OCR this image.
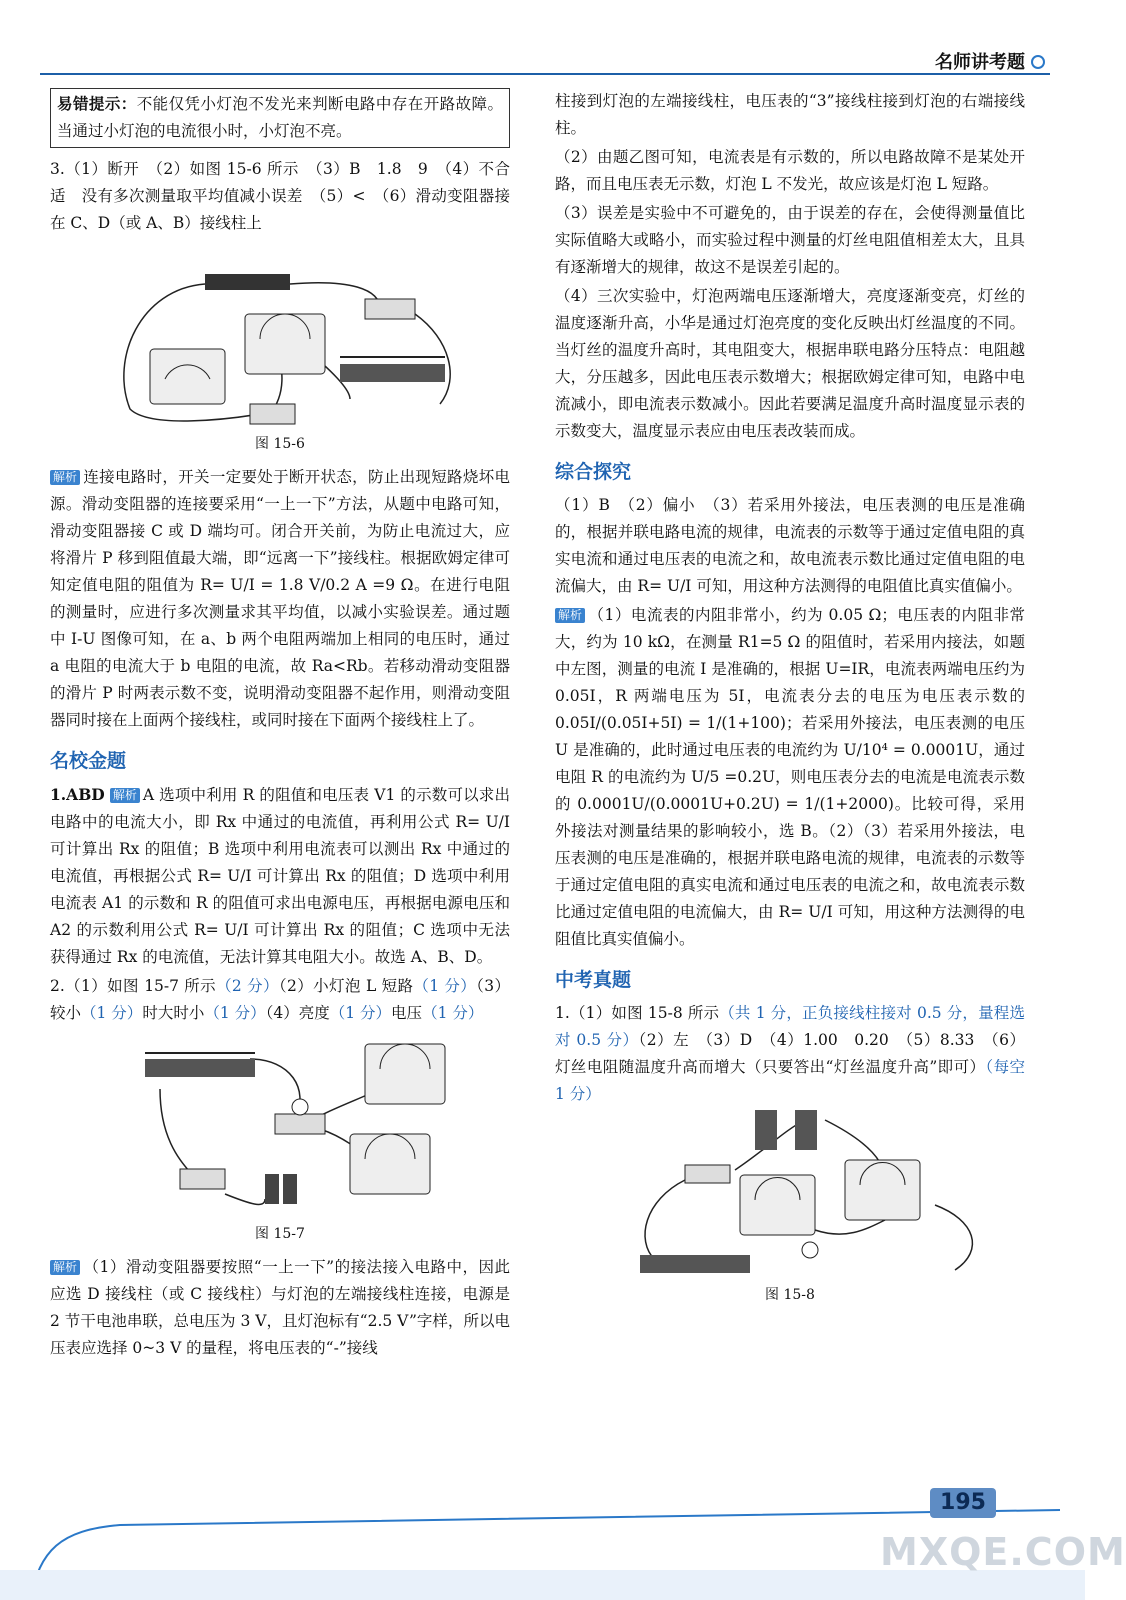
名师讲考题

易错提示：不能仅凭小灯泡不发光来判断电路中存在开路故障。当通过小灯泡的电流很小时，小灯泡不亮。

3.（1）断开　（2）如图 15-6 所示　（3）B　1.8　9　（4）不合适　没有多次测量取平均值减小误差　（5）<　（6）滑动变阻器接在 C、D（或 A、B）接线柱上

图 15-6

解析 连接电路时，开关一定要处于断开状态，防止出现短路烧坏电源。滑动变阻器的连接要采用“一上一下”方法，从题中电路可知，滑动变阻器接 C 或 D 端均可。闭合开关前，为防止电流过大，应将滑片 P 移到阻值最大端，即“远离一下”接线柱。根据欧姆定律可知定值电阻的阻值为 R= U/I = 1.8 V/0.2 A =9 Ω。在进行电阻的测量时，应进行多次测量求其平均值，以减小实验误差。通过题中 I-U 图像可知，在 a、b 两个电阻两端加上相同的电压时，通过 a 电阻的电流大于 b 电阻的电流，故 Ra<Rb。若移动滑动变阻器的滑片 P 时两表示数不变，说明滑动变阻器不起作用，则滑动变阻器同时接在上面两个接线柱，或同时接在下面两个接线柱上了。

名校金题

1.ABD 解析 A 选项中利用 R 的阻值和电压表 V1 的示数可以求出电路中的电流大小，即 Rx 中通过的电流值，再利用公式 R= U/I 可计算出 Rx 的阻值；B 选项中利用电流表可以测出 Rx 中通过的电流值，再根据公式 R= U/I 可计算出 Rx 的阻值；D 选项中利用电流表 A1 的示数和 R 的阻值可求出电源电压，再根据电源电压和 A2 的示数利用公式 R= U/I 可计算出 Rx 的阻值；C 选项中无法获得通过 Rx 的电流值，无法计算其电阻大小。故选 A、B、D。

2.（1）如图 15-7 所示（2 分）（2）小灯泡 L 短路（1 分）（3）较小（1 分）时大时小（1 分）（4）亮度（1 分）电压（1 分）

图 15-7

解析 （1）滑动变阻器要按照“一上一下”的接法接入电路中，因此应选 D 接线柱（或 C 接线柱）与灯泡的左端接线柱连接，电源是 2 节干电池串联，总电压为 3 V，且灯泡标有“2.5 V”字样，所以电压表应选择 0~3 V 的量程，将电压表的“-”接线

柱接到灯泡的左端接线柱，电压表的“3”接线柱接到灯泡的右端接线柱。

（2）由题乙图可知，电流表是有示数的，所以电路故障不是某处开路，而且电压表无示数，灯泡 L 不发光，故应该是灯泡 L 短路。

（3）误差是实验中不可避免的，由于误差的存在，会使得测量值比实际值略大或略小，而实验过程中测量的灯丝电阻值相差太大，且具有逐渐增大的规律，故这不是误差引起的。

（4）三次实验中，灯泡两端电压逐渐增大，亮度逐渐变亮，灯丝的温度逐渐升高，小华是通过灯泡亮度的变化反映出灯丝温度的不同。当灯丝的温度升高时，其电阻变大，根据串联电路分压特点：电阻越大，分压越多，因此电压表示数增大；根据欧姆定律可知，电路中电流减小，即电流表示数减小。因此若要满足温度升高时温度显示表的示数变大，温度显示表应由电压表改装而成。

综合探究

（1）B　（2）偏小　（3）若采用外接法，电压表测的电压是准确的，根据并联电路电流的规律，电流表的示数等于通过定值电阻的真实电流和通过电压表的电流之和，故电流表示数比通过定值电阻的电流偏大，由 R= U/I 可知，用这种方法测得的电阻值比真实值偏小。

解析 （1）电流表的内阻非常小，约为 0.05 Ω；电压表的内阻非常大，约为 10 kΩ，在测量 R1=5 Ω 的阻值时，若采用内接法，如题中左图，测量的电流 I 是准确的，根据 U=IR，电流表两端电压约为 0.05I，R 两端电压为 5I，电流表分去的电压为电压表示数的 0.05I/(0.05I+5I) = 1/(1+100)；若采用外接法，电压表测的电压 U 是准确的，此时通过电压表的电流约为 U/10⁴ = 0.0001U，通过电阻 R 的电流约为 U/5 =0.2U，则电压表分去的电流是电流表示数的 0.0001U/(0.0001U+0.2U) = 1/(1+2000)。比较可得，采用外接法对测量结果的影响较小，选 B。（2）（3）若采用外接法，电压表测的电压是准确的，根据并联电路电流的规律，电流表的示数等于通过定值电阻的真实电流和通过电压表的电流之和，故电流表示数比通过定值电阻的电流偏大，由 R= U/I 可知，用这种方法测得的电阻值比真实值偏小。

中考真题

1.（1）如图 15-8 所示（共 1 分，正负接线柱接对 0.5 分，量程选对 0.5 分）（2）左　（3）D　（4）1.00　0.20　（5）8.33　（6）灯丝电阻随温度升高而增大（只要答出“灯丝温度升高”即可）（每空 1 分）

图 15-8
195
MXQE.COM
